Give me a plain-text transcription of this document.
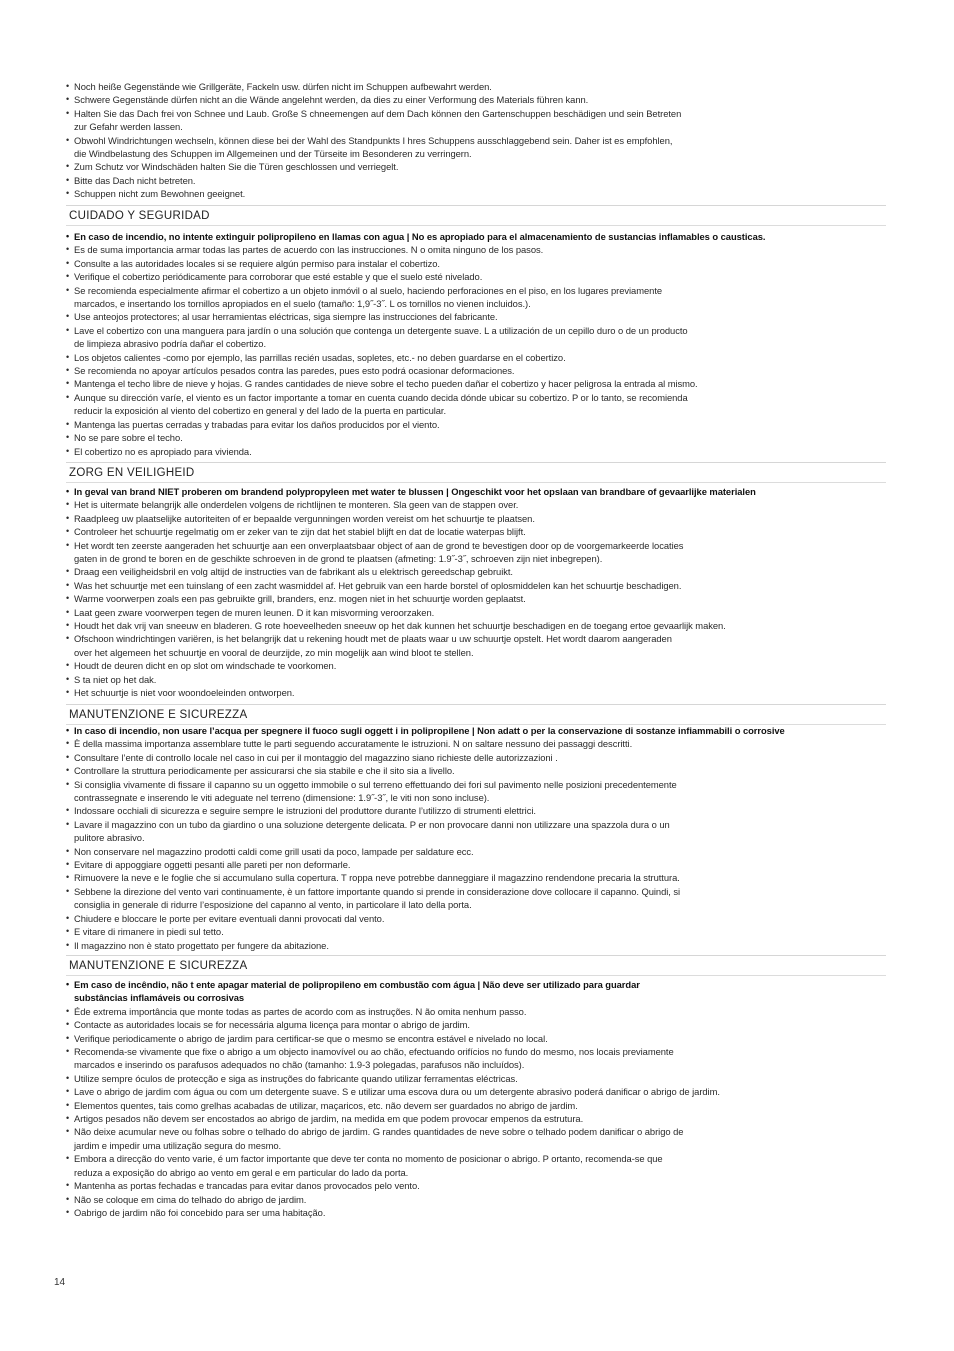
• Noch heiße Gegenstände wie Grillgeräte, Fackeln usw. dürfen nicht im Schuppen aufbewahrt werden.
• Schwere Gegenstände dürfen nicht an die Wände angelehnt werden, da dies zu einer Verformung des Materials führen kann.
• Halten Sie das Dach frei von Schnee und Laub. Große S chneemengen auf dem Dach können den Gartenschuppen beschädigen und sein Betreten
zur Gefahr werden lassen.
• Obwohl Windrichtungen wechseln, können diese bei der Wahl des Standpunkts I hres Schuppens ausschlaggebend sein. Daher ist es empfohlen,
die Windbelastung des Schuppen im Allgemeinen und der Türseite im Besonderen zu verringern.
• Zum Schutz vor Windschäden halten Sie die Türen geschlossen und verriegelt.
• Bitte das Dach nicht betreten.
• Schuppen nicht zum Bewohnen geeignet.
CUIDADO Y SEGURIDAD
• En caso de incendio, no intente extinguir polipropileno en llamas con agua | No es apropiado para el almacenamiento de sustancias inflamables o causticas.
• Es de suma importancia armar todas las partes de acuerdo con las instrucciones. N o omita ninguno de los pasos.
• Consulte a las autoridades locales si se requiere algún permiso para instalar el cobertizo.
• Verifique el cobertizo periódicamente para corroborar que esté estable y que el suelo esté nivelado.
• Se recomienda especialmente afirmar el cobertizo a un objeto inmóvil o al suelo, haciendo perforaciones en el piso, en los lugares previamente
marcados, e insertando los tornillos apropiados en el suelo (tamaño: 1,9˝-3˝. L os tornillos no vienen incluidos.).
• Use anteojos protectores; al usar herramientas eléctricas, siga siempre las instrucciones del fabricante.
• Lave el cobertizo con una manguera para jardín o una solución que contenga un detergente suave. L a utilización de un cepillo duro o de un producto
de limpieza abrasivo podría dañar el cobertizo.
• Los objetos calientes -como por ejemplo, las parrillas recién usadas, sopletes, etc.- no deben guardarse en el cobertizo.
• Se recomienda no apoyar artículos pesados contra las paredes, pues esto podrá ocasionar deformaciones.
• Mantenga el techo libre de nieve y hojas. G randes cantidades de nieve sobre el techo pueden dañar el cobertizo y hacer peligrosa la entrada al mismo.
• Aunque su dirección varíe, el viento es un factor importante a tomar en cuenta cuando decida dónde ubicar su cobertizo. P or lo tanto, se recomienda
reducir la exposición al viento del cobertizo en general y del lado de la puerta en particular.
• Mantenga las puertas cerradas y trabadas para evitar los daños producidos por el viento.
• No se pare sobre el techo.
• El cobertizo no es apropiado para vivienda.
ZORG EN VEILIGHEID
• In geval van brand NIET proberen om brandend polypropyleen met water te blussen | Ongeschikt voor het opslaan van brandbare of gevaarlijke materialen
• Het is uitermate belangrijk alle onderdelen volgens de richtlijnen te monteren. Sla geen van de stappen over.
• Raadpleeg uw plaatselijke autoriteiten of er bepaalde vergunningen worden vereist om het schuurtje te plaatsen.
• Controleer het schuurtje regelmatig om er zeker van te zijn dat het stabiel blijft en dat de locatie waterpas blijft.
• Het wordt ten zeerste aangeraden het schuurtje aan een onverplaatsbaar object of aan de grond te bevestigen door op de voorgemarkeerde locaties
gaten in de grond te boren en de geschikte schroeven in de grond te plaatsen (afmeting: 1.9˝-3˝, schroeven zijn niet inbegrepen).
• Draag een veiligheidsbril en volg altijd de instructies van de fabrikant als u elektrisch gereedschap gebruikt.
• Was het schuurtje met een tuinslang of een zacht wasmiddel af. Het gebruik van een harde borstel of oplosmiddelen kan het schuurtje beschadigen.
• Warme voorwerpen zoals een pas gebruikte grill, branders, enz. mogen niet in het schuurtje worden geplaatst.
• Laat geen zware voorwerpen tegen de muren leunen. D it kan misvorming veroorzaken.
• Houdt het dak vrij van sneeuw en bladeren. G rote hoeveelheden sneeuw op het dak kunnen het schuurtje beschadigen en de toegang ertoe gevaarlijk maken.
• Ofschoon windrichtingen variëren, is het belangrijk dat u rekening houdt met de plaats waar u uw schuurtje opstelt. Het wordt daarom aangeraden
over het algemeen het schuurtje en vooral de deurzijde, zo min mogelijk aan wind bloot te stellen.
• Houdt de deuren dicht en op slot om windschade te voorkomen.
• S ta niet op het dak.
• Het schuurtje is niet voor woondoeleinden ontworpen.
MANUTENZIONE E SICUREZZA
• In caso di incendio, non usare l’acqua per spegnere il fuoco sugli oggett i in polipropilene | Non adatt o per la conservazione di sostanze infiammabili o corrosive
• È della massima importanza assemblare tutte le parti seguendo accuratamente le istruzioni. N on saltare nessuno dei passaggi descritti.
• Consultare l’ente di controllo locale nel caso in cui per il montaggio del magazzino siano richieste delle autorizzazioni .
• Controllare la struttura periodicamente per assicurarsi che sia stabile e che il sito sia a livello.
• Si consiglia vivamente di fissare il capanno su un oggetto immobile o sul terreno effettuando dei fori sul pavimento nelle posizioni precedentemente
contrassegnate e inserendo le viti adeguate nel terreno (dimensione: 1.9˝-3˝, le viti non sono incluse).
• Indossare occhiali di sicurezza e seguire sempre le istruzioni del produttore durante l’utilizzo di strumenti elettrici.
• Lavare il magazzino con un tubo da giardino o una soluzione detergente delicata. P er non provocare danni non utilizzare una spazzola dura o un
pulitore abrasivo.
• Non conservare nel magazzino prodotti caldi come grill usati da poco, lampade per saldature ecc.
• Evitare di appoggiare oggetti pesanti alle pareti per non deformarle.
• Rimuovere la neve e le foglie che si accumulano sulla copertura. T roppa neve potrebbe danneggiare il magazzino rendendone precaria la struttura.
• Sebbene la direzione del vento vari continuamente, è un fattore importante quando si prende in considerazione dove collocare il capanno. Quindi, si
consiglia in generale di ridurre l’esposizione del capanno al vento, in particolare il lato della porta.
• Chiudere e bloccare le porte per evitare eventuali danni provocati dal vento.
• E vitare di rimanere in piedi sul tetto.
• Il magazzino non è stato progettato per fungere da abitazione.
MANUTENZIONE E SICUREZZA
• Em caso de incêndio, não t ente apagar material de polipropileno em combustão com água | Não deve ser utilizado para guardar
substâncias inflamáveis ou corrosivas
• Éde extrema importância que monte todas as partes de acordo com as instruções. N ão omita nenhum passo.
• Contacte as autoridades locais se for necessária alguma licença para montar o abrigo de jardim.
• Verifique periodicamente o abrigo de jardim para certificar-se que o mesmo se encontra estável e nivelado no local.
• Recomenda-se vivamente que fixe o abrigo a um objecto inamovível ou ao chão, efectuando orifícios no fundo do mesmo, nos locais previamente
marcados e inserindo os parafusos adequados no chão (tamanho: 1.9-3 polegadas, parafusos não incluídos).
• Utilize sempre óculos de protecção e siga as instruções do fabricante quando utilizar ferramentas eléctricas.
• Lave o abrigo de jardim com água ou com um detergente suave. S e utilizar uma escova dura ou um detergente abrasivo poderá danificar o abrigo de jardim.
• Elementos quentes, tais como grelhas acabadas de utilizar, maçaricos, etc. não devem ser guardados no abrigo de jardim.
• Artigos pesados não devem ser encostados ao abrigo de jardim, na medida em que podem provocar empenos da estrutura.
• Não deixe acumular neve ou folhas sobre o telhado do abrigo de jardim. G randes quantidades de neve sobre o telhado podem danificar o abrigo de
jardim e impedir uma utilização segura do mesmo.
• Embora a direcção do vento varie, é um factor importante que deve ter conta no momento de posicionar o abrigo. P ortanto, recomenda-se que
reduza a exposição do abrigo ao vento em geral e em particular do lado da porta.
• Mantenha as portas fechadas e trancadas para evitar danos provocados pelo vento.
• Não se coloque em cima do telhado do abrigo de jardim.
• Oabrigo de jardim não foi concebido para ser uma habitação.
14
